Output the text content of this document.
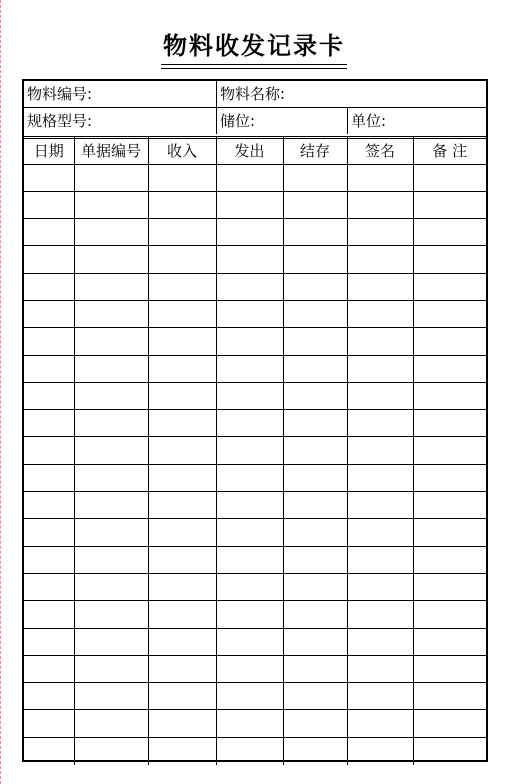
物料收发记录卡
物料编号:	物料名称:
规格型号:	储位:	单位:
日期	单据编号	收入	发出	结存	签名	备 注
